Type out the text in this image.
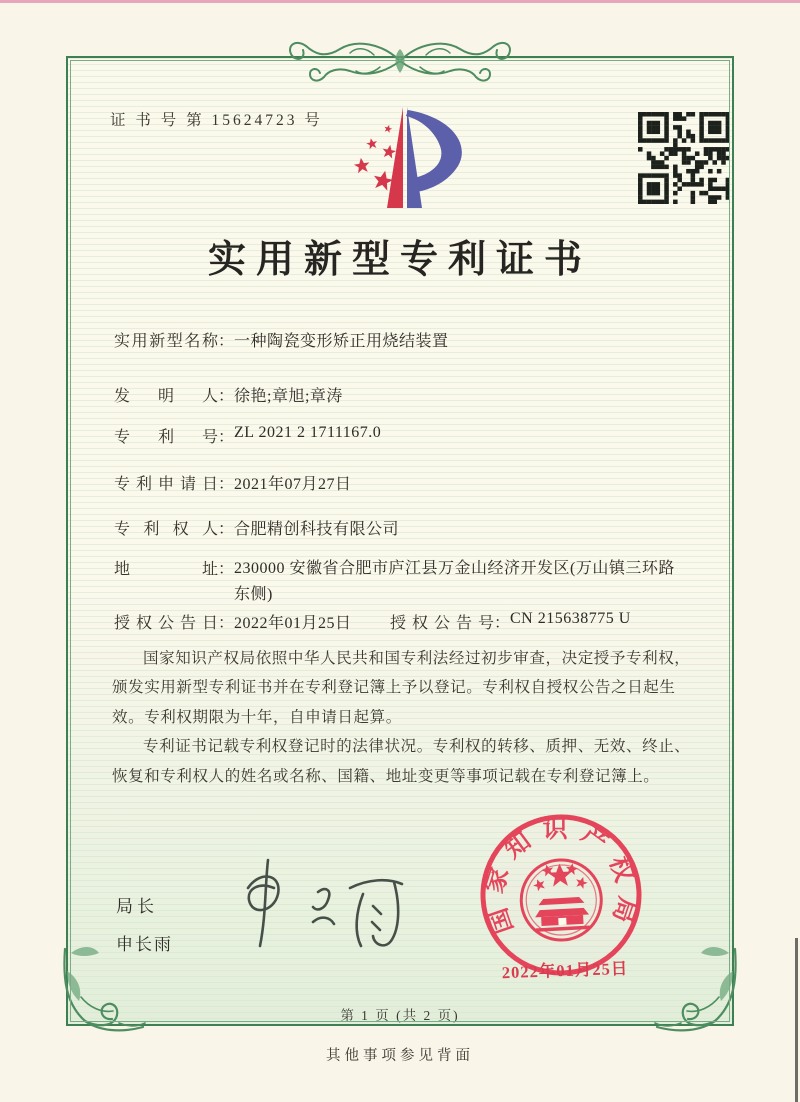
证 书 号 第 15624723 号
实用新型专利证书
实用新型名称：一种陶瓷变形矫正用烧结装置
发明人：徐艳;章旭;章涛
专利号：ZL 2021 2 1711167.0
专利申请日：2021年07月27日
专利权人：合肥精创科技有限公司
地址：230000 安徽省合肥市庐江县万金山经济开发区(万山镇三环路东侧)
授权公告日：2022年01月25日 授权公告号：CN 215638775 U

国家知识产权局依照中华人民共和国专利法经过初步审查，决定授予专利权，颁发实用新型专利证书并在专利登记簿上予以登记。专利权自授权公告之日起生效。专利权期限为十年，自申请日起算。

专利证书记载专利权登记时的法律状况。专利权的转移、质押、无效、终止、恢复和专利权人的姓名或名称、国籍、地址变更等事项记载在专利登记簿上。

局长
申长雨
国家知识产权局
2022年01月25日
第 1 页 (共 2 页)
其他事项参见背面
